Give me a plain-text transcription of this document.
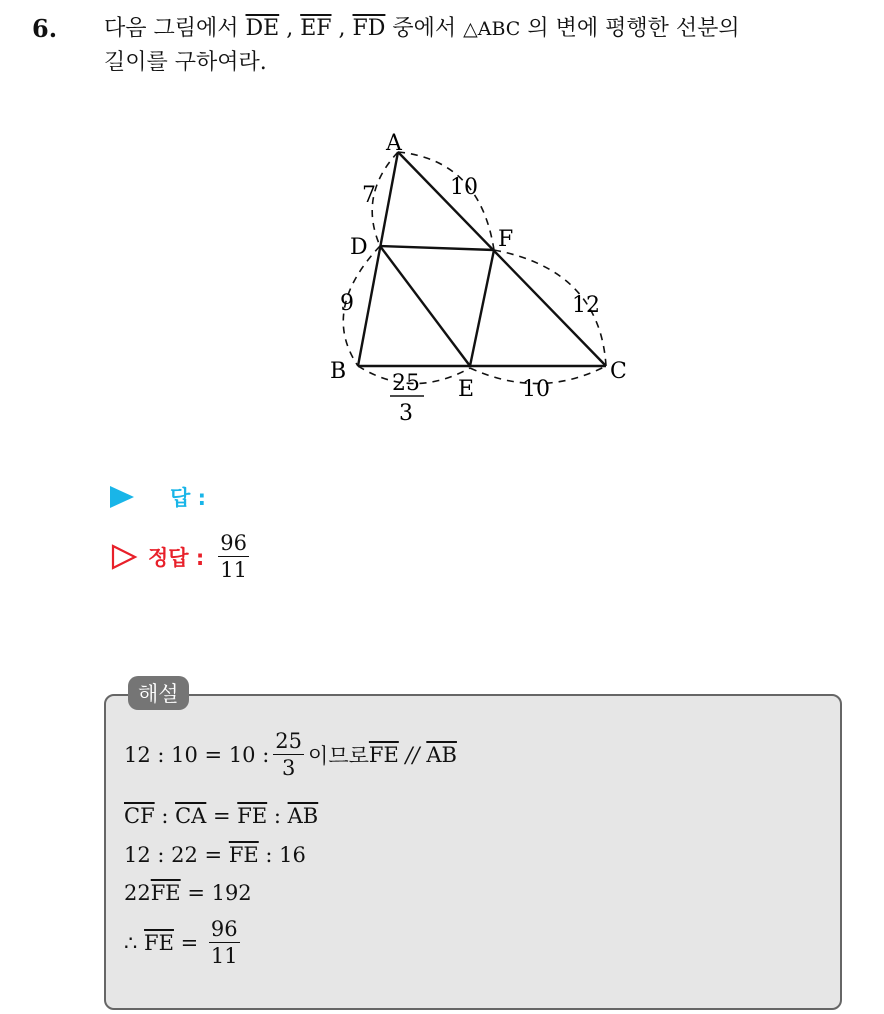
6. 다음 그림에서 $\overline{DE}$ , $\overline{EF}$ , $\overline{FD}$ 중에서 △ABC 의 변에 평행한 선분의
길이를 구하여라.
A
B	C
D
E
F
7
9
10
12
25
3
10
답 :
정답 : $\frac{96}{11}$
해설
12 : 10 = 10 : $\frac{25}{3}$ 이므로 $\overline{FE} // \overline{AB}$
$\overline{CF}$ : $\overline{CA} = \overline{FE}$ : $\overline{AB}$
12 : $22 = \overline{FE}$ : 16
22 $\overline{FE} = 192$
∴ $\overline{FE} = \frac{96}{11}$
